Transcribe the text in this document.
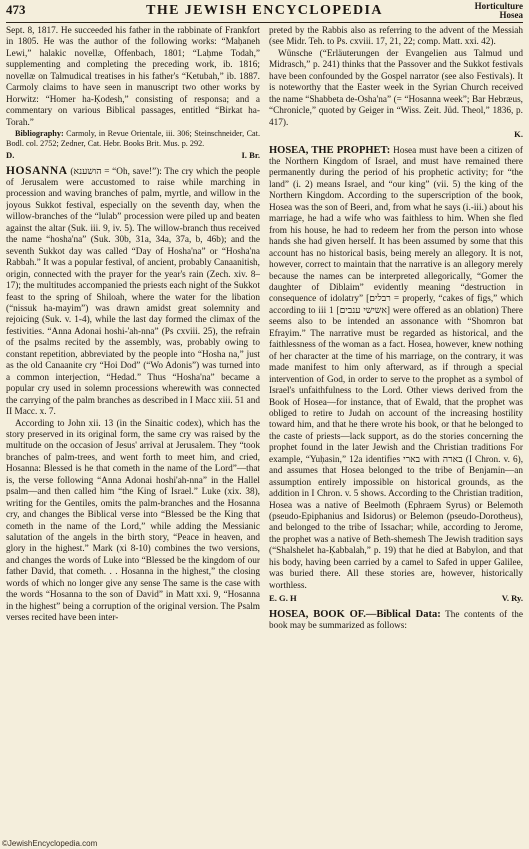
473	THE JEWISH ENCYCLOPEDIA	Horticulture
Hosea

Sept. 8, 1817. He succeeded his father in the rabbinate of Frankfort in 1805. He was the author of the following works: “Maḥaneh Lewi,” halakic novellæ, Offenbach, 1801; “Laḥme Todah,” supplementing and completing the preceding work, ib. 1816; novellæ on Talmudical treatises in his father's “Ketubah,” ib. 1887. Carmoly claims to have seen in manuscript two other works by Horwitz: “Homer ha-Ḳodesh,” consisting of responsa; and a commentary on various Biblical passages, entitled “Birkat ha-Torah.”

Bibliography: Carmoly, in Revue Orientale, iii. 306; Steinschneider, Cat. Bodl. col. 2752; Zedner, Cat. Hebr. Books Brit. Mus. p. 292.

D.	I. Br.

HOSANNA (הושענא = “Oh, save!”): The cry which the people of Jerusalem were accustomed to raise while marching in procession and waving branches of palm, myrtle, and willow in the joyous Sukkot festival, especially on the seventh day, when the willow-branches of the “lulab” procession were piled up and beaten against the altar (Suk. iii. 9, iv. 5). The willow-branch thus received the name “hosha'na” (Suk. 30b, 31a, 34a, 37a, b, 46b); and the seventh Sukkot day was called “Day of Hosha'na” or “Hosha'na Rabbah.” It was a popular festival, of ancient, probably Canaanitish, origin, connected with the prayer for the year's rain (Zech. xiv. 8–17); the multitudes accompanied the priests each night of the Sukkot feast to the spring of Shiloah, where the water for the libation (“nissuk ha-mayim”) was drawn amidst great solemnity and rejoicing (Suk. v. 1-4), while the last day formed the climax of the festivities. “Anna Adonai hoshi-'ah-nna” (Ps cxviii. 25), the refrain of the psalms recited by the assembly, was, probably owing to constant repetition, abbreviated by the people into “Hosha na,” just as the old Canaanite cry “Hoi Dod” (“Wo Adonis”) was turned into a common interjection, “Hedad.” Thus “Hosha'na” became a popular cry used in solemn processions wherewith was connected the carrying of the palm branches as described in I Macc xiii. 51 and II Macc. x. 7.

According to John xii. 13 (in the Sinaitic codex), which has the story preserved in its original form, the same cry was raised by the multitude on the occasion of Jesus' arrival at Jerusalem. They “took branches of palm-trees, and went forth to meet him, and cried, Hosanna: Blessed is he that cometh in the name of the Lord”—that is, the verse following “Anna Adonai hoshi'ah-nna” in the Hallel psalm—and then called him “the King of Israel.” Luke (xix. 38), writing for the Gentiles, omits the palm-branches and the Hosanna cry, and changes the Biblical verse into “Blessed be the King that cometh in the name of the Lord,” while adding the Messianic salutation of the angels in the birth story, “Peace in heaven, and glory in the highest.” Mark (xi 8-10) combines the two versions, and changes the words of Luke into “Blessed be the kingdom of our father David, that cometh. . . Hosanna in the highest,” the closing words of which no longer give any sense The same is the case with the words “Hosanna to the son of David” in Matt xxi. 9, “Hosanna in the highest” being a corruption of the original version. The Psalm verses recited have been inter-

preted by the Rabbis also as referring to the advent of the Messiah (see Midr. Teh. to Ps. cxviii. 17, 21, 22; comp. Matt. xxi. 42).

Wünsche (“Erläuterungen der Evangelien aus Talmud und Midrasch,” p. 241) thinks that the Passover and the Sukkot festivals have been confounded by the Gospel narrator (see also Festivals). It is noteworthy that the Easter week in the Syrian Church received the name “Shabbeta de-Osha'na” (= “Hosanna week”; Bar Hebræus, “Chronicle,” quoted by Geiger in “Wiss. Zeit. Jüd. Theol,” 1836, p. 417).

K.

HOSEA, THE PROPHET: Hosea must have been a citizen of the Northern Kingdom of Israel, and must have remained there permanently during the period of his prophetic activity; for “the land” (i. 2) means Israel, and “our king” (vii. 5) the king of the Northern Kingdom. According to the superscription of the book, Hosea was the son of Beeri, and, from what he says (i.-iii.) about his marriage, he had a wife who was faithless to him. When she fled from his house, he had to redeem her from the person into whose hands she had given herself. It has been assumed by some that this account has no historical basis, being merely an allegory. It is not, however, correct to maintain that the narrative is an allegory merely because the names can be interpreted allegorically, “Gomer the daughter of Diblaim” evidently meaning “destruction in consequence of idolatry” [רבלים = properly, “cakes of figs,” which according to iii 1 [אשישי ענבים] were offered as an oblation) There seems also to be intended an assonance with “Shomron bat Efrayim.” The narrative must be regarded as historical, and the faithlessness of the woman as a fact. Hosea, however, knew nothing of her character at the time of his marriage, on the contrary, it was made manifest to him only afterward, as if through a special intervention of God, in order to serve to the prophet as a symbol of Israel's unfaithfulness to the Lord. Other views derived from the Book of Hosea—for instance, that of Ewald, that the prophet was obliged to retire to Judah on account of the increasing hostility toward him, and that he there wrote his book, or that he belonged to the caste of priests—lack support, as do the stories concerning the prophet found in the later Jewish and the Christian traditions For example, “Yuḥasin,” 12a identifies בארי with בארה (I Chron. v. 6), and assumes that Hosea belonged to the tribe of Benjamin—an assumption entirely impossible on historical grounds, as the addition in I Chron. v. 5 shows. According to the Christian tradition, Hosea was a native of Beelmoth (Ephraem Syrus) or Belemoth (pseudo-Epiphanius and Isidorus) or Belemon (pseudo-Dorotheus), and belonged to the tribe of Issachar; while, according to Jerome, the prophet was a native of Beth-shemesh The Jewish tradition says (“Shalshelet ha-Ḳabbalah,” p. 19) that he died at Babylon, and that his body, having been carried by a camel to Safed in upper Galilee, was buried there. All these stories are, however, historically worthless.

E. G. H	V. Ry.

HOSEA, BOOK OF.—Biblical Data: The contents of the book may be summarized as follows:

©JewishEncyclopedia.com
